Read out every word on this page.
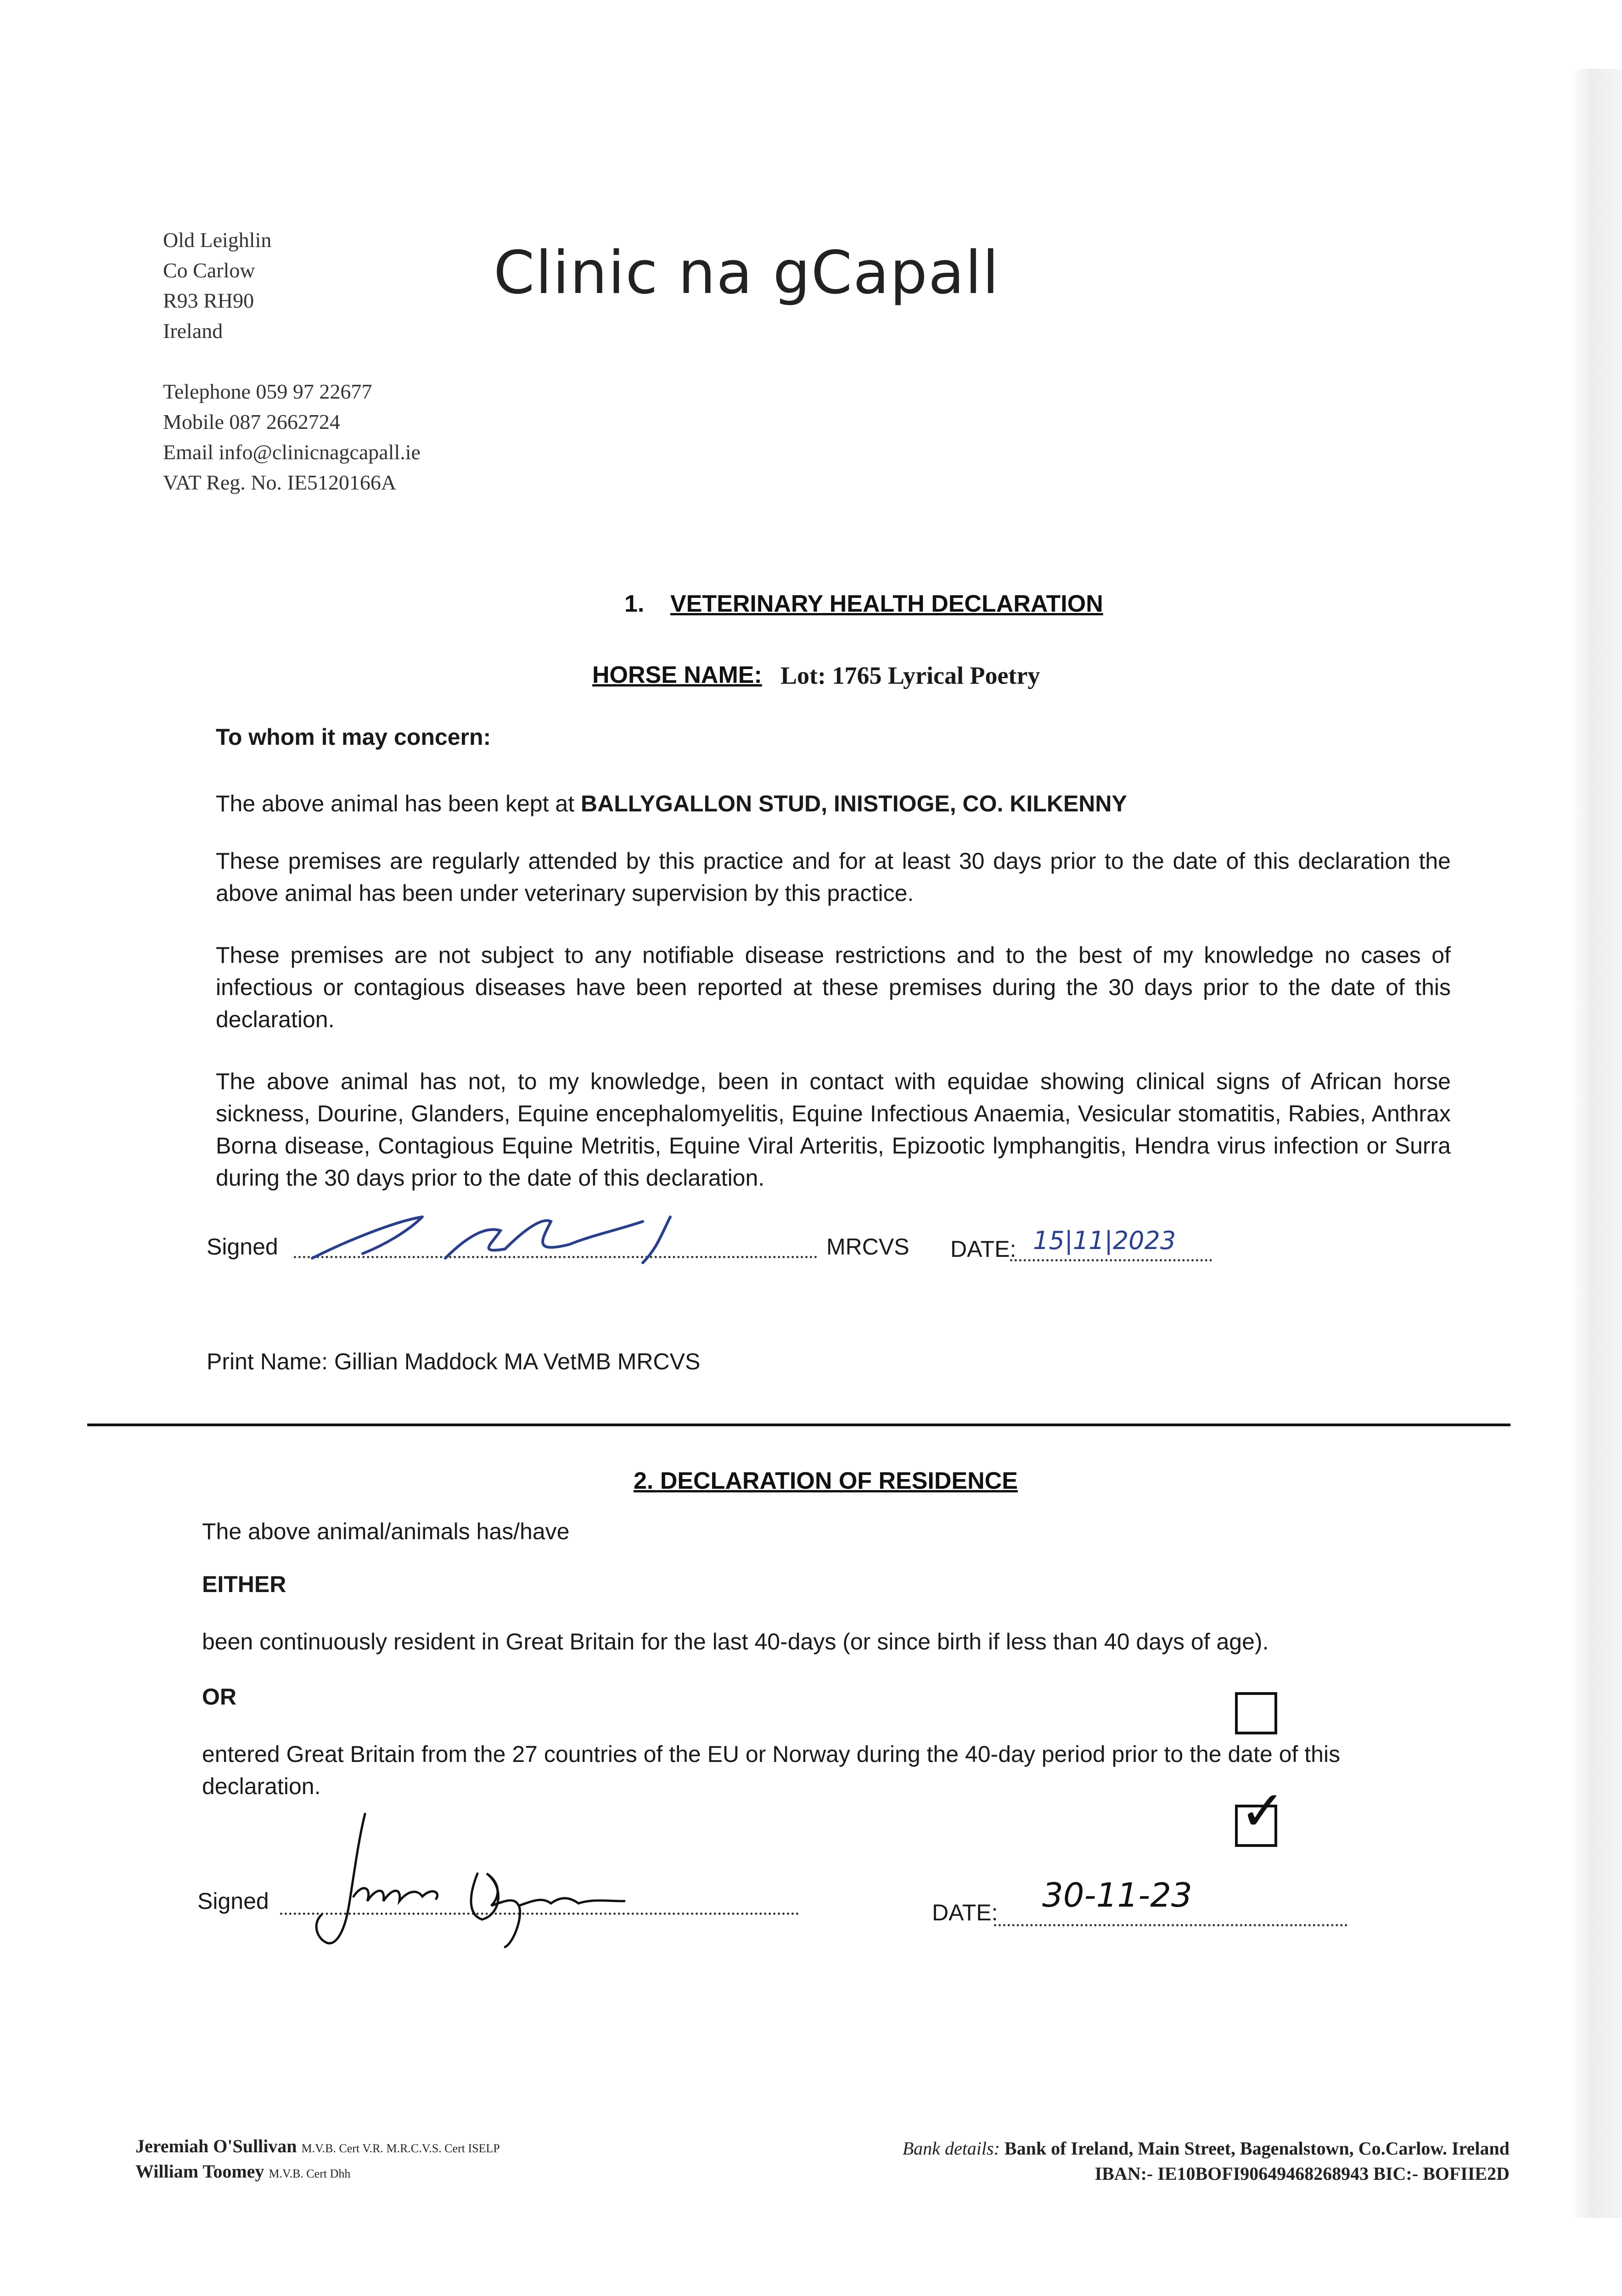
Old Leighlin
Co Carlow
R93 RH90
Ireland
Telephone 059 97 22677
Mobile 087 2662724
Email info@clinicnagcapall.ie
VAT Reg. No. IE5120166A
Clinic na gCapall
1. VETERINARY HEALTH DECLARATION
HORSE NAME: Lot: 1765 Lyrical Poetry
To whom it may concern:
The above animal has been kept at BALLYGALLON STUD, INISTIOGE, CO. KILKENNY
These premises are regularly attended by this practice and for at least 30 days prior to the date of this declaration the above animal has been under veterinary supervision by this practice.
These premises are not subject to any notifiable disease restrictions and to the best of my knowledge no cases of infectious or contagious diseases have been reported at these premises during the 30 days prior to the date of this declaration.
The above animal has not, to my knowledge, been in contact with equidae showing clinical signs of African horse sickness, Dourine, Glanders, Equine encephalomyelitis, Equine Infectious Anaemia, Vesicular stomatitis, Rabies, Anthrax Borna disease, Contagious Equine Metritis, Equine Viral Arteritis, Epizootic lymphangitis, Hendra virus infection or Surra during the 30 days prior to the date of this declaration.
Signed	MRCVS DATE: 15|11|2023
Print Name: Gillian Maddock MA VetMB MRCVS
2. DECLARATION OF RESIDENCE
The above animal/animals has/have
EITHER
been continuously resident in Great Britain for the last 40-days (or since birth if less than 40 days of age).
OR
entered Great Britain from the 27 countries of the EU or Norway during the 40-day period prior to the date of this declaration.	✓
Signed	DATE: 30-11-23
Jeremiah O'Sullivan M.V.B. Cert V.R. M.R.C.V.S. Cert ISELP
William Toomey M.V.B. Cert Dhh
Bank details: Bank of Ireland, Main Street, Bagenalstown, Co.Carlow. Ireland
IBAN:- IE10BOFI90649468268943 BIC:- BOFIIE2D
